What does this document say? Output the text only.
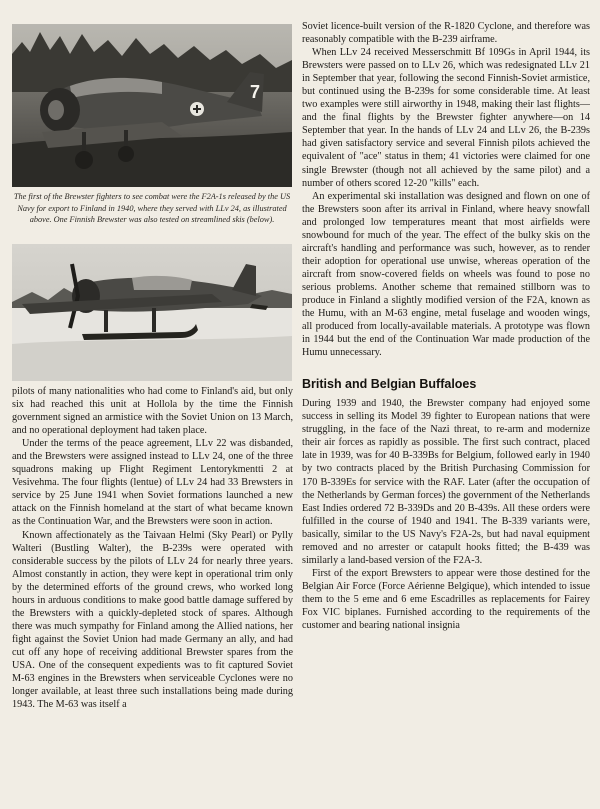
7
The first of the Brewster fighters to see combat were the F2A-1s released by the US Navy for export to Finland in 1940, where they served with LLv 24, as illustrated above. One Finnish Brewster was also tested on streamlined skis (below).

pilots of many nationalities who had come to Finland's aid, but only six had reached this unit at Hollola by the time the Finnish government signed an armistice with the Soviet Union on 13 March, and no operational deployment had taken place.

Under the terms of the peace agreement, LLv 22 was disbanded, and the Brewsters were assigned instead to LLv 24, one of the three squadrons making up Flight Regiment Lentorykmentti 2 at Vesivehma. The four flights (lentue) of LLv 24 had 33 Brewsters in service by 25 June 1941 when Soviet formations launched a new attack on the Finnish homeland at the start of what became known as the Continuation War, and the Brewsters were soon in action.

Known affectionately as the Taivaan Helmi (Sky Pearl) or Pylly Walteri (Bustling Walter), the B-239s were operated with considerable success by the pilots of LLv 24 for nearly three years. Almost constantly in action, they were kept in operational trim only by the determined efforts of the ground crews, who worked long hours in arduous conditions to make good battle damage suffered by the Brewsters with a quickly-depleted stock of spares. Although there was much sympathy for Finland among the Allied nations, her fight against the Soviet Union had made Germany an ally, and had cut off any hope of receiving additional Brewster spares from the USA. One of the consequent expedients was to fit captured Soviet M-63 engines in the Brewsters when serviceable Cyclones were no longer available, at least three such installations being made during 1943. The M-63 was itself a

Soviet licence-built version of the R-1820 Cyclone, and therefore was reasonably compatible with the B-239 airframe.

When LLv 24 received Messerschmitt Bf 109Gs in April 1944, its Brewsters were passed on to LLv 26, which was redesignated LLv 21 in September that year, following the second Finnish-Soviet armistice, but continued using the B-239s for some considerable time. At least two examples were still airworthy in 1948, making their last flights—and the final flights by the Brewster fighter anywhere—on 14 September that year. In the hands of LLv 24 and LLv 26, the B-239s had given satisfactory service and several Finnish pilots achieved the equivalent of "ace" status in them; 41 victories were claimed for one single Brewster (though not all achieved by the same pilot) and a number of others scored 12-20 "kills" each.

An experimental ski installation was designed and flown on one of the Brewsters soon after its arrival in Finland, where heavy snowfall and prolonged low temperatures meant that most airfields were snowbound for much of the year. The effect of the bulky skis on the aircraft's handling and performance was such, however, as to render their adoption for operational use unwise, whereas operation of the aircraft from snow-covered fields on wheels was found to pose no serious problems. Another scheme that remained stillborn was to produce in Finland a slightly modified version of the F2A, known as the Humu, with an M-63 engine, metal fuselage and wooden wings, all produced from locally-available materials. A prototype was flown in 1944 but the end of the Continuation War made production of the Humu unnecessary.

British and Belgian Buffaloes

During 1939 and 1940, the Brewster company had enjoyed some success in selling its Model 39 fighter to European nations that were struggling, in the face of the Nazi threat, to re-arm and modernize their air forces as rapidly as possible. The first such contract, placed late in 1939, was for 40 B-339Bs for Belgium, followed early in 1940 by two contracts placed by the British Purchasing Commission for 170 B-339Es for service with the RAF. Later (after the occupation of the Netherlands by German forces) the government of the Netherlands East Indies ordered 72 B-339Ds and 20 B-439s. All these orders were fulfilled in the course of 1940 and 1941. The B-339 variants were, basically, similar to the US Navy's F2A-2s, but had naval equipment removed and no arrester or catapult hooks fitted; the B-439 was similarly a land-based version of the F2A-3.

First of the export Brewsters to appear were those destined for the Belgian Air Force (Force Aérienne Belgique), which intended to issue them to the 5 eme and 6 eme Escadrilles as replacements for Fairey Fox VIC biplanes. Furnished according to the requirements of the customer and bearing national insignia
